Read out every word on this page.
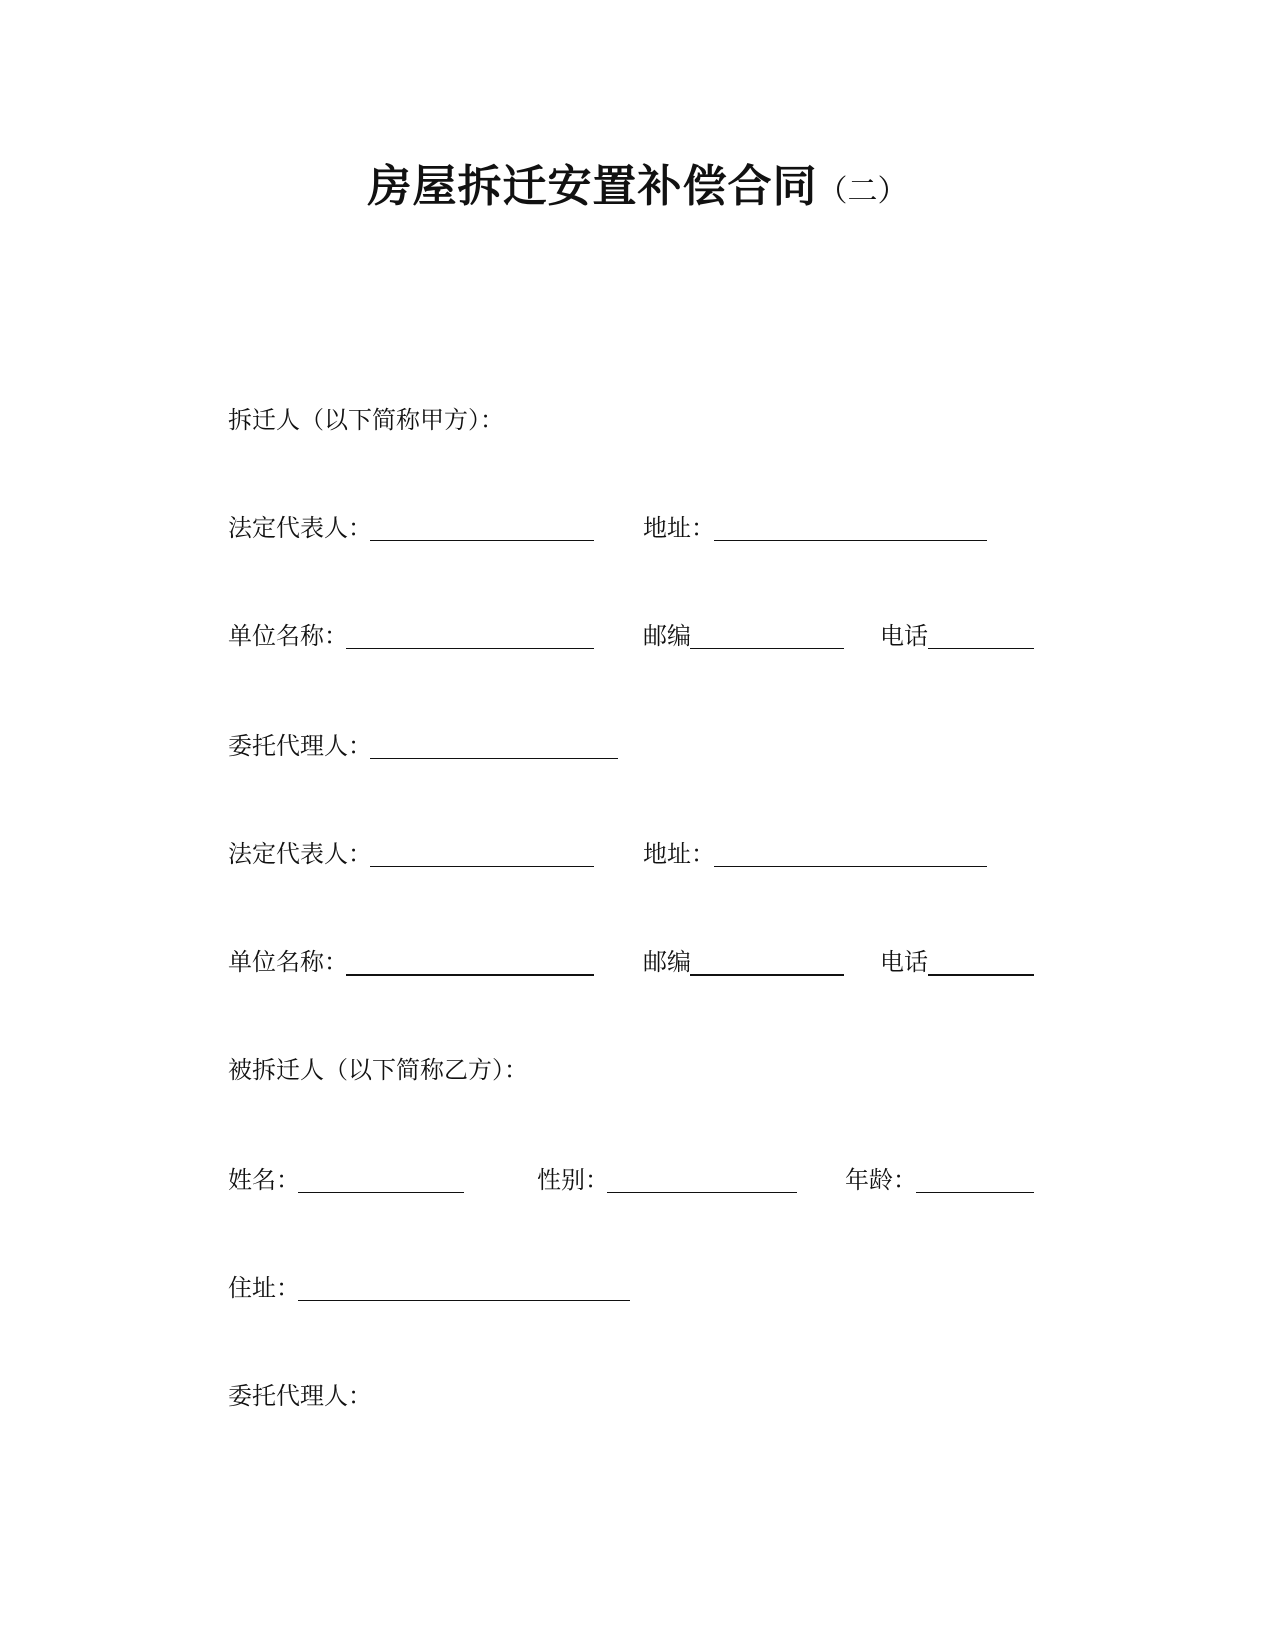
房屋拆迁安置补偿合同（二）
拆迁人（以下简称甲方）：
法定代表人：	地址：
单位名称：	邮编	电话
委托代理人：
法定代表人：	地址：
单位名称：	邮编	电话
被拆迁人（以下简称乙方）：
姓名：	性别：	年龄：
住址：
委托代理人：
